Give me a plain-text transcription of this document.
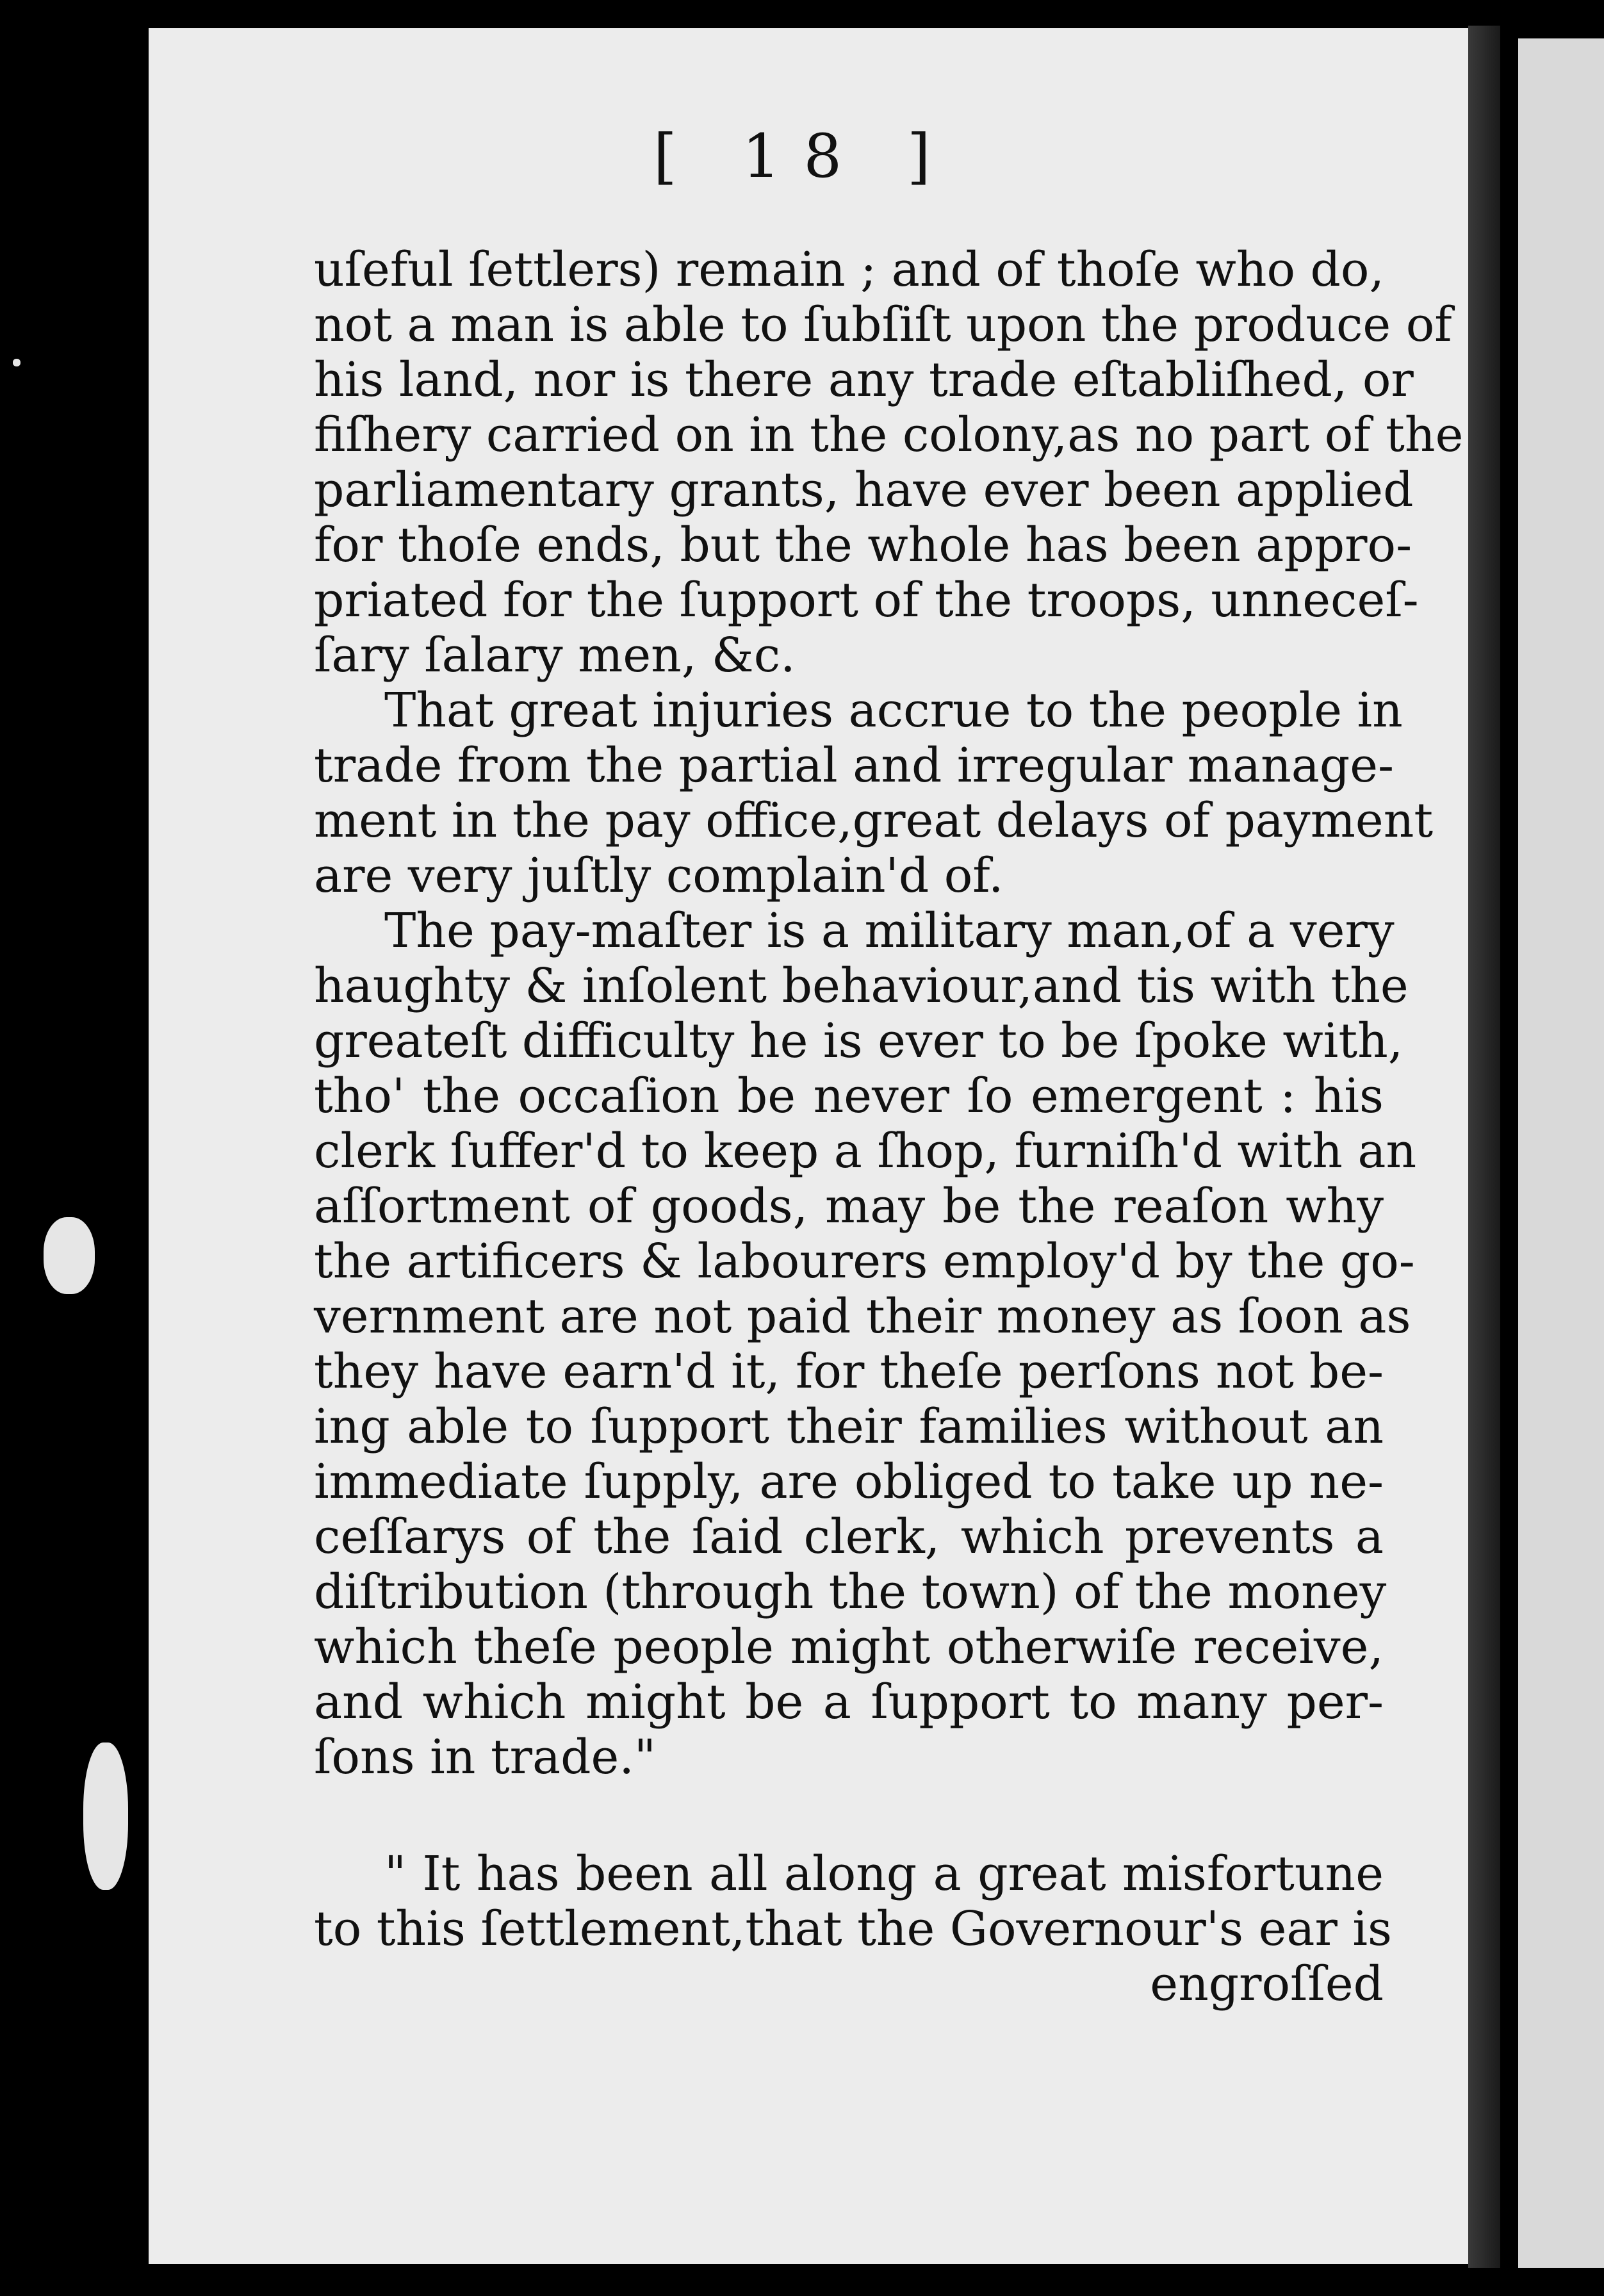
[ 18 ]
uſeful ſettlers) remain ; and of thoſe who do,
not a man is able to ſubſiſt upon the produce of
his land, nor is there any trade eſtabliſhed, or
fiſhery carried on in the colony,as no part of the
parliamentary grants, have ever been applied
for thoſe ends, but the whole has been appro-
priated for the ſupport of the troops, unneceſ-
ſary ſalary men, &c.
That great injuries accrue to the people in
trade from the partial and irregular manage-
ment in the pay office,great delays of payment
are very juſtly complain'd of.
The pay-maſter is a military man,of a very
haughty & inſolent behaviour,and tis with the
greateſt difficulty he is ever to be ſpoke with,
tho' the occaſion be never ſo emergent : his
clerk ſuffer'd to keep a ſhop, furniſh'd with an
aſſortment of goods, may be the reaſon why
the artificers & labourers employ'd by the go-
vernment are not paid their money as ſoon as
they have earn'd it, for theſe perſons not be-
ing able to ſupport their families without an
immediate ſupply, are obliged to take up ne-
ceſſarys of the ſaid clerk, which prevents a
diſtribution (through the town) of the money
which theſe people might otherwiſe receive,
and which might be a ſupport to many per-
ſons in trade."
" It has been all along a great misfortune
to this ſettlement,that the Governour's ear is
engroſſed
